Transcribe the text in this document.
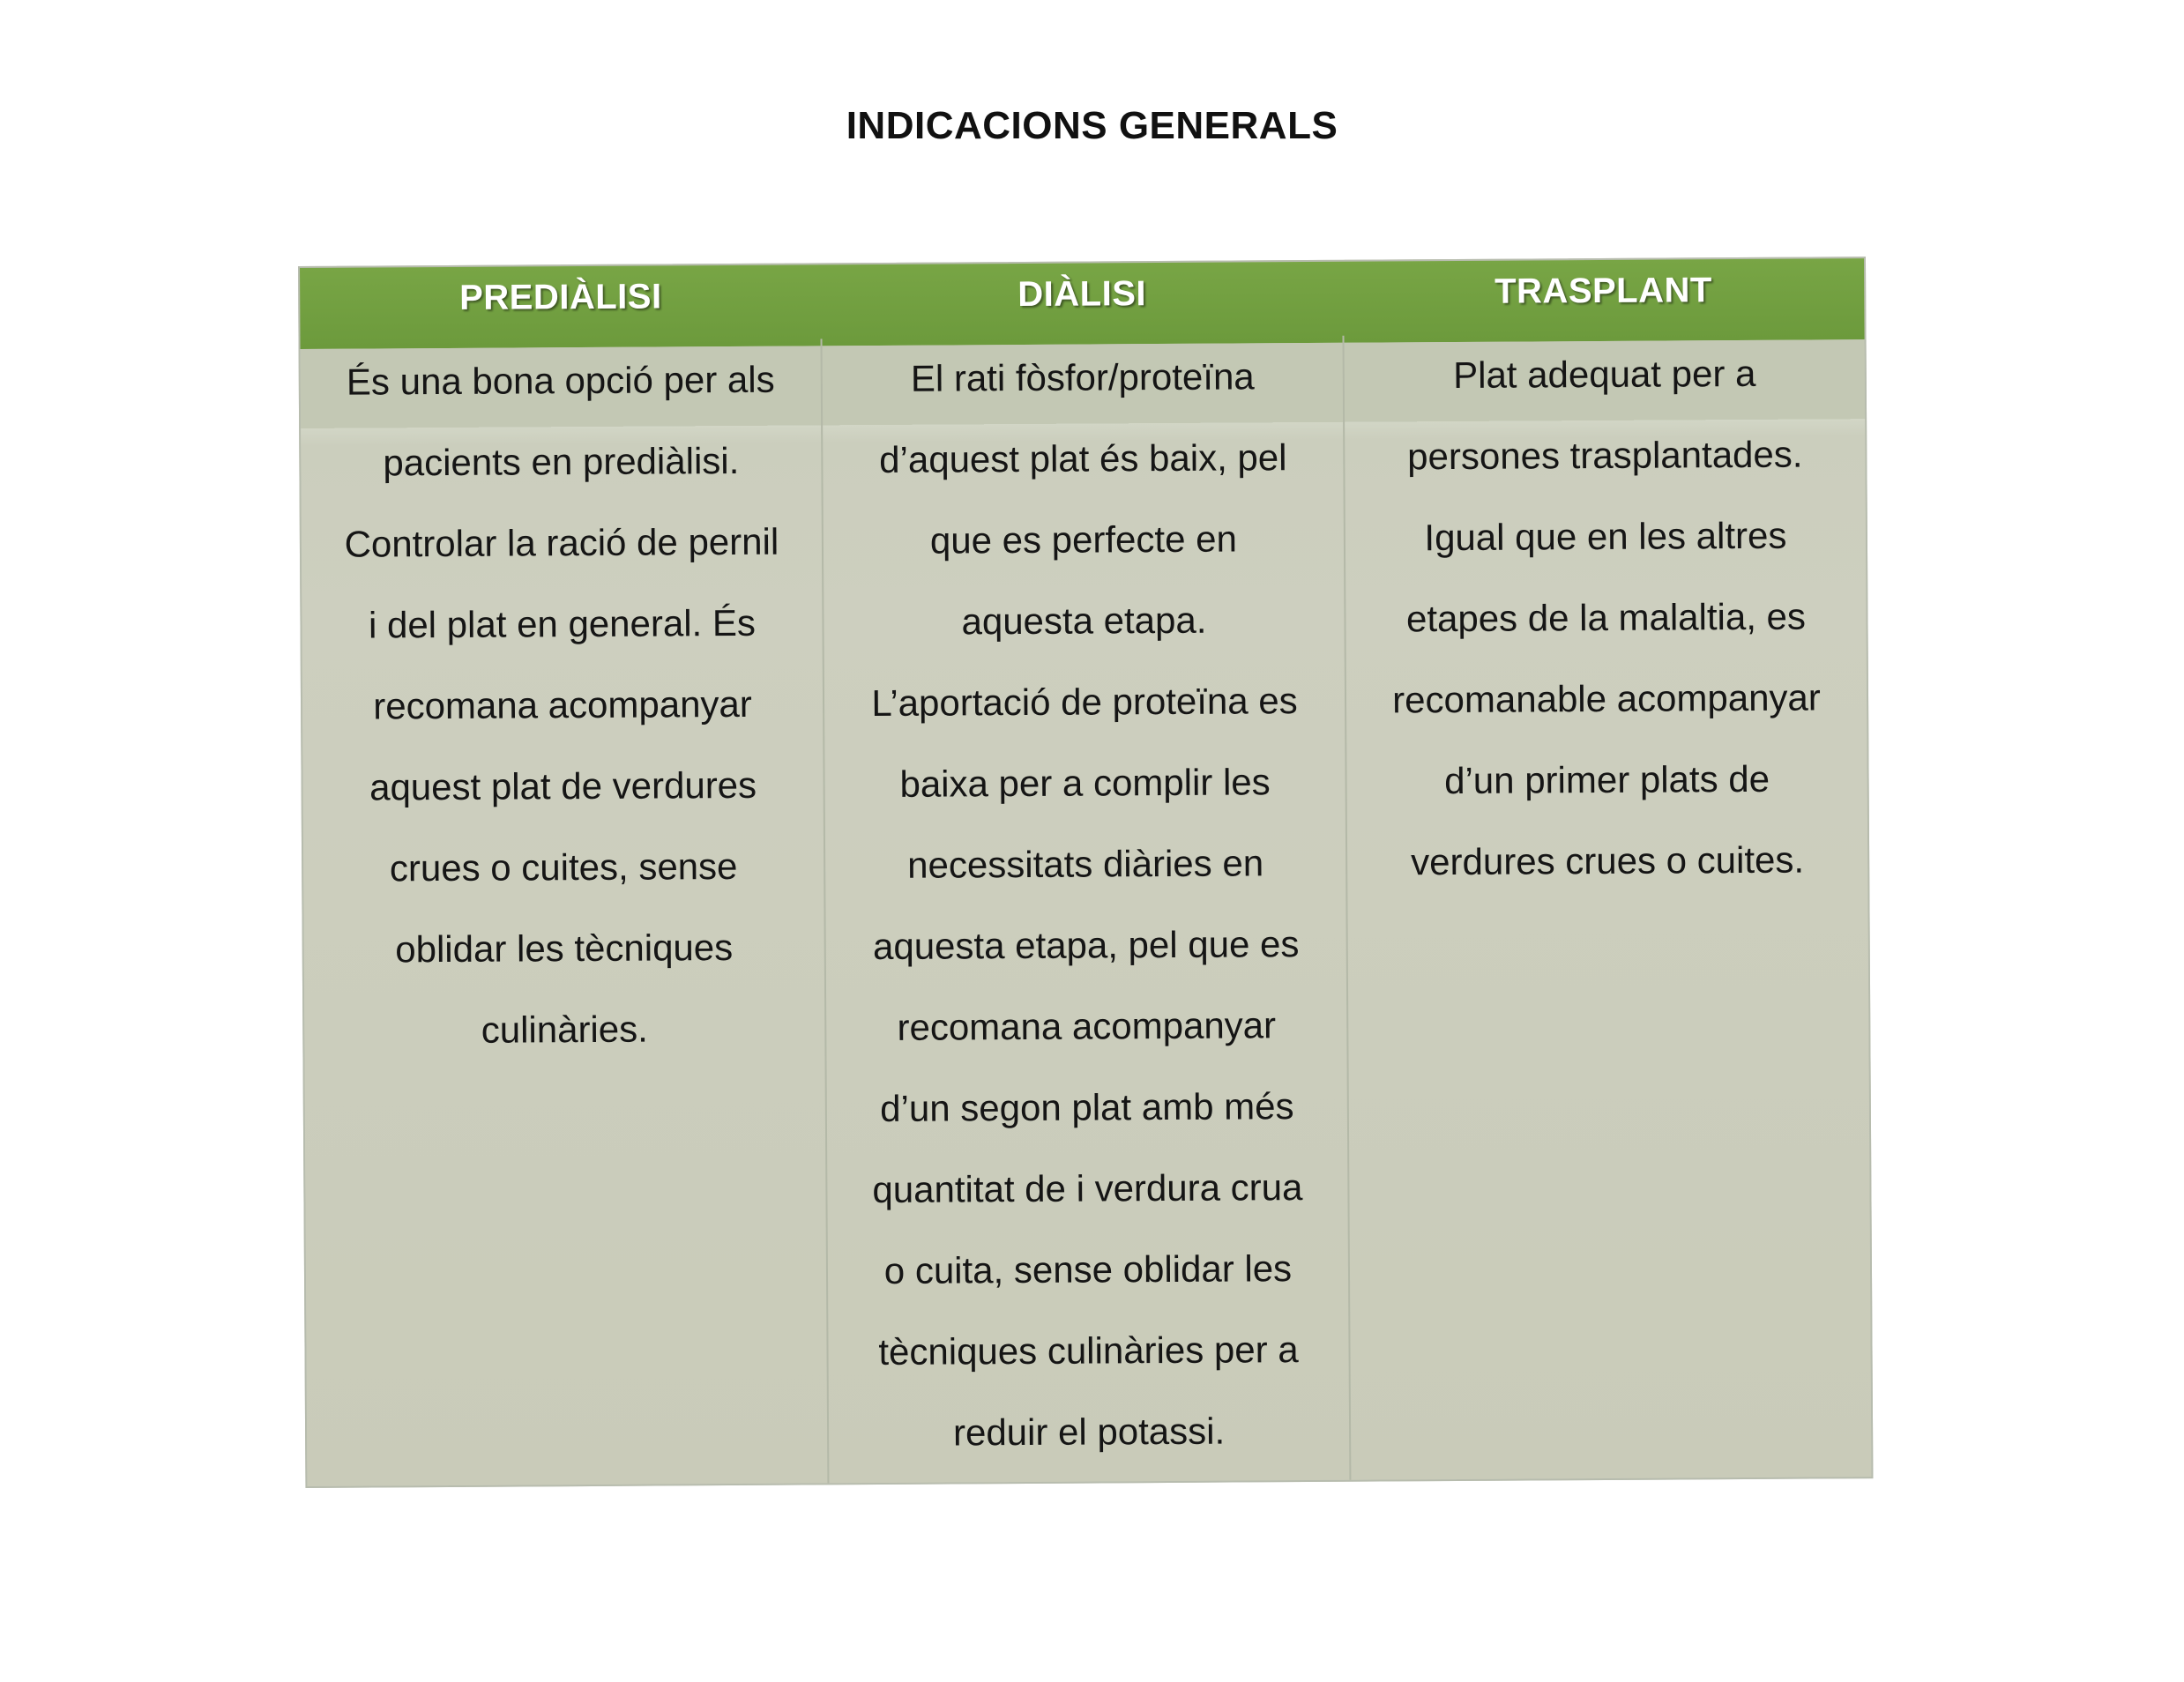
INDICACIONS GENERALS
PREDIÀLISI	DIÀLISI	TRASPLANT
És una bona opció per als
pacients en prediàlisi.
Controlar la ració de pernil
i del plat en general. És
recomana acompanyar
aquest plat de verdures
crues o cuites, sense
oblidar les tècniques
culinàries.
El rati fòsfor/proteïna
d’aquest plat és baix, pel
que es perfecte en
aquesta etapa.
L’aportació de proteïna es
baixa per a complir les
necessitats diàries en
aquesta etapa, pel que es
recomana acompanyar
d’un segon plat amb més
quantitat de i verdura crua
o cuita, sense oblidar les
tècniques culinàries per a
reduir el potassi.
Plat adequat per a
persones trasplantades.
Igual que en les altres
etapes de la malaltia, es
recomanable acompanyar
d’un primer plats de
verdures crues o cuites.
